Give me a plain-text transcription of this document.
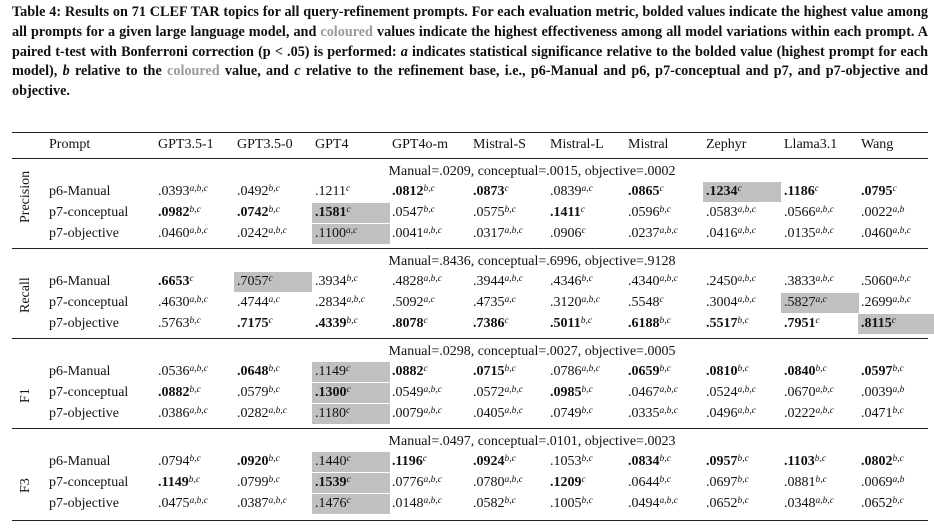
Table 4: Results on 71 CLEF TAR topics for all query-refinement prompts. For each evaluation metric, bolded values indicate the highest value among all prompts for a given large language model, and coloured values indicate the highest effectiveness among all model variations within each prompt. A paired t-test with Bonferroni correction (p < .05) is performed: a indicates statistical significance relative to the bolded value (highest prompt for each model), b relative to the coloured value, and c relative to the refinement base, i.e., p6-Manual and p6, p7-conceptual and p7, and p7-objective and objective.
Prompt	GPT3.5-1 GPT3.5-0 GPT4	GPT4o-m Mistral-S Mistral-L Mistral	Zephyr	Llama3.1 Wang
Precision	Manual=.0209, conceptual=.0015, objective=.0002
p6-Manual	.0393$^{a,b,c}$ .0492$^{b,c}$	.1211$^c$	.0812$^{b,c}$	.0873$^c$	.0839$^{a,c}$	.0865$^c$	.1234$^c$	.1186$^c$	.0795$^c$
p7-conceptual .0982$^{b,c}$	.0742$^{b,c}$	.1581$^c$	.0547$^{b,c}$	.0575$^{b,c}$ .1411$^c$	.0596$^{b,c}$	.0583$^{a,b,c}$ .0566$^{a,b,c}$ .0022$^{a,b}$
p7-objective	.0460$^{a,b,c}$ .0242$^{a,b,c}$ .1100$^{a,c}$ .0041$^{a,b,c}$ .0317$^{a,b,c}$ .0906$^c$	.0237$^{a,b,c}$ .0416$^{a,b,c}$ .0135$^{a,b,c}$ .0460$^{a,b,c}$
Recall
Manual=.8436, conceptual=.6996, objective=.9128
p6-Manual	.6653$^c$	.7057$^c$	.3934$^{b,c}$ .4828$^{a,b,c}$ .3944$^{a,b,c}$ .4346$^{b,c}$	.4340$^{a,b,c}$ .2450$^{a,b,c}$ .3833$^{a,b,c}$ .5060$^{a,b,c}$
p7-conceptual .4630$^{a,b,c}$ .4744$^{a,c}$	.2834$^{a,b,c}$ .5092$^{a,c}$	.4735$^{a,c}$ .3120$^{a,b,c}$ .5548$^c$	.3004$^{a,b,c}$ .5827$^{a,c}$ .2699$^{a,b,c}$
p7-objective	.5763$^{b,c}$	.7175$^c$	.4339$^{b,c}$ .8078$^c$	.7386$^c$	.5011$^{b,c}$	.6188$^{b,c}$	.5517$^{b,c}$	.7951$^c$	.8115$^c$
F1
Manual=.0298, conceptual=.0027, objective=.0005
p6-Manual	.0536$^{a,b,c}$ .0648$^{b,c}$	.1149$^c$	.0882$^c$	.0715$^{b,c}$ .0786$^{a,b,c}$ .0659$^{b,c}$	.0810$^{b,c}$	.0840$^{b,c}$ .0597$^{b,c}$
p7-conceptual .0882$^{b,c}$	.0579$^{b,c}$	.1300$^c$	.0549$^{a,b,c}$ .0572$^{a,b,c}$ .0985$^{b,c}$	.0467$^{a,b,c}$ .0524$^{a,b,c}$ .0670$^{a,b,c}$ .0039$^{a,b}$
p7-objective	.0386$^{a,b,c}$ .0282$^{a,b,c}$ .1180$^c$	.0079$^{a,b,c}$ .0405$^{a,b,c}$ .0749$^{b,c}$	.0335$^{a,b,c}$ .0496$^{a,b,c}$ .0222$^{a,b,c}$ .0471$^{b,c}$
F3
Manual=.0497, conceptual=.0101, objective=.0023
p6-Manual	.0794$^{b,c}$	.0920$^{b,c}$	.1440$^c$	.1196$^c$	.0924$^{b,c}$ .1053$^{b,c}$	.0834$^{b,c}$	.0957$^{b,c}$	.1103$^{b,c}$ .0802$^{b,c}$
p7-conceptual .1149$^{b,c}$	.0799$^{b,c}$	.1539$^c$	.0776$^{a,b,c}$ .0780$^{a,b,c}$ .1209$^c$	.0644$^{b,c}$	.0697$^{b,c}$	.0881$^{b,c}$ .0069$^{a,b}$
p7-objective	.0475$^{a,b,c}$ .0387$^{a,b,c}$ .1476$^c$	.0148$^{a,b,c}$ .0582$^{b,c}$ .1005$^{b,c}$	.0494$^{a,b,c}$ .0652$^{b,c}$	.0348$^{a,b,c}$ .0652$^{b,c}$
